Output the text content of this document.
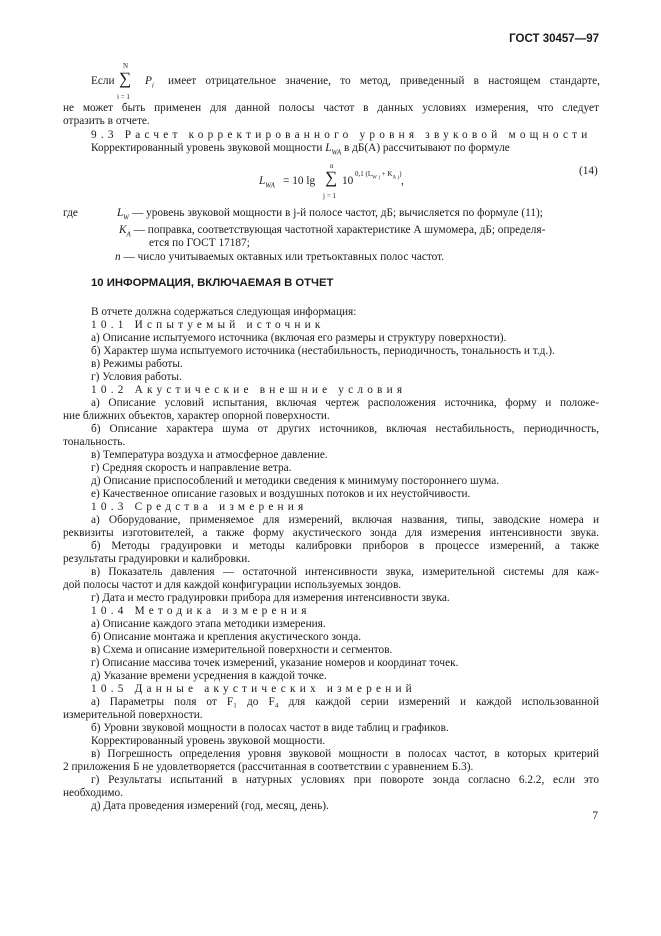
ГОСТ 30457—97
Если
N
∑
i = 1
$P_i$ имеет отрицательное значение, то метод, приведенный в настоящем стандарте,
не может быть применен для данной полосы частот в данных условиях измерения, что следует
отразить в отчете.
9.3 Расчет корректированного уровня звуковой мощности
Корректированный уровень звуковой мощности $L_{WA}$ в дБ(A) рассчитывают по формуле
$L_{WA} = 10$ lg
n
∑
j = 1
10
0,1 ($L_W$ $_j + K_A$ $_j$)
,
(14)
где	$L_W$ — уровень звуковой мощности в j-й полосе частот, дБ; вычисляется по формуле (11);
$K_A$ — поправка, соответствующая частотной характеристике А шумомера, дБ; определя-
ется по ГОСТ 17187;
n — число учитываемых октавных или третьоктавных полос частот.
10 ИНФОРМАЦИЯ, ВКЛЮЧАЕМАЯ В ОТЧЕТ
В отчете должна содержаться следующая информация:
10.1 Испытуемый источник
а) Описание испытуемого источника (включая его размеры и структуру поверхности).
б) Характер шума испытуемого источника (нестабильность, периодичность, тональность и т.д.).
в) Режимы работы.
г) Условия работы.
10.2 Акустические внешние условия
а) Описание условий испытания, включая чертеж расположения источника, форму и положе-
ние ближних объектов, характер опорной поверхности.
б) Описание характера шума от других источников, включая нестабильность, периодичность,
тональность.
в) Температура воздуха и атмосферное давление.
г) Средняя скорость и направление ветра.
д) Описание приспособлений и методики сведения к минимуму постороннего шума.
е) Качественное описание газовых и воздушных потоков и их неустойчивости.
10.3 Средства измерения
а) Оборудование, применяемое для измерений, включая названия, типы, заводские номера и
реквизиты изготовителей, а также форму акустического зонда для измерения интенсивности звука.
б) Методы градуировки и методы калибровки приборов в процессе измерений, а также
результаты градуировки и калибровки.
в) Показатель давления — остаточной интенсивности звука, измерительной системы для каж-
дой полосы частот и для каждой конфигурации используемых зондов.
г) Дата и место градуировки прибора для измерения интенсивности звука.
10.4 Методика измерения
а) Описание каждого этапа методики измерения.
б) Описание монтажа и крепления акустического зонда.
в) Схема и описание измерительной поверхности и сегментов.
г) Описание массива точек измерений, указание номеров и координат точек.
д) Указание времени усреднения в каждой точке.
10.5 Данные акустических измерений
а) Параметры поля от F₁ до F₄ для каждой серии измерений и каждой использованной
измерительной поверхности.
б) Уровни звуковой мощности в полосах частот в виде таблиц и графиков.
Корректированный уровень звуковой мощности.
в) Погрешность определения уровня звуковой мощности в полосах частот, в которых критерий
2 приложения Б не удовлетворяется (рассчитанная в соответствии с уравнением Б.3).
г) Результаты испытаний в натурных условиях при повороте зонда согласно 6.2.2, если это
необходимо.
д) Дата проведения измерений (год, месяц, день).
7
